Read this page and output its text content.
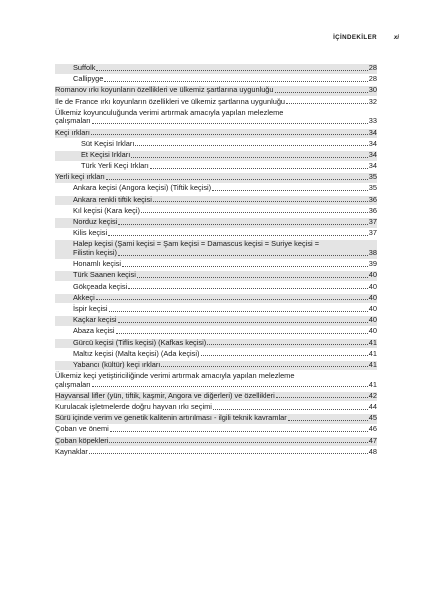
İÇİNDEKİLER	xi
Suffolk	28
Callipyge	28
Romanov ırkı koyunların özellikleri ve ülkemiz şartlarına uygunluğu	30
Ile de France ırkı koyunların özellikleri ve ülkemiz şartlarına uygunluğu	32
Ülkemiz koyunculuğunda verimi artırmak amacıyla yapılan melezleme
çalışmaları	33
Keçi ırkları	34
Süt Keçisi Irkları	34
Et Keçisi Irkları	34
Türk Yerli Keçi Irkları	34
Yerli keçi ırkları	35
Ankara keçisi (Angora keçisi) (Tiftik keçisi)	35
Ankara renkli tiftik keçisi	36
Kıl keçisi (Kara keçi)	36
Norduz keçisi	37
Kilis keçisi	37
Halep keçisi (Şami keçisi = Şam keçisi = Damascus keçisi = Suriye keçisi =
Filistin keçisi)	38
Honamlı keçisi	39
Türk Saanen keçisi	40
Gökçeada keçisi	40
Akkeçi	40
İspir keçisi	40
Kaçkar keçisi	40
Abaza keçisi	40
Gürcü keçisi (Tiflis keçisi) (Kafkas keçisi)	41
Maltız keçisi (Malta keçisi) (Ada keçisi)	41
Yabancı (kültür) keçi ırkları	41
Ülkemiz keçi yetiştiriciliğinde verimi artırmak amacıyla yapılan melezleme
çalışmaları	41
Hayvansal lifler (yün, tiftik, kaşmir, Angora ve diğerleri) ve özellikleri	42
Kurulacak işletmelerde doğru hayvan ırkı seçimi	44
Sürü içinde verim ve genetik kalitenin artırılması - ilgili teknik kavramlar	45
Çoban ve önemi	46
Çoban köpekleri	47
Kaynaklar	48
